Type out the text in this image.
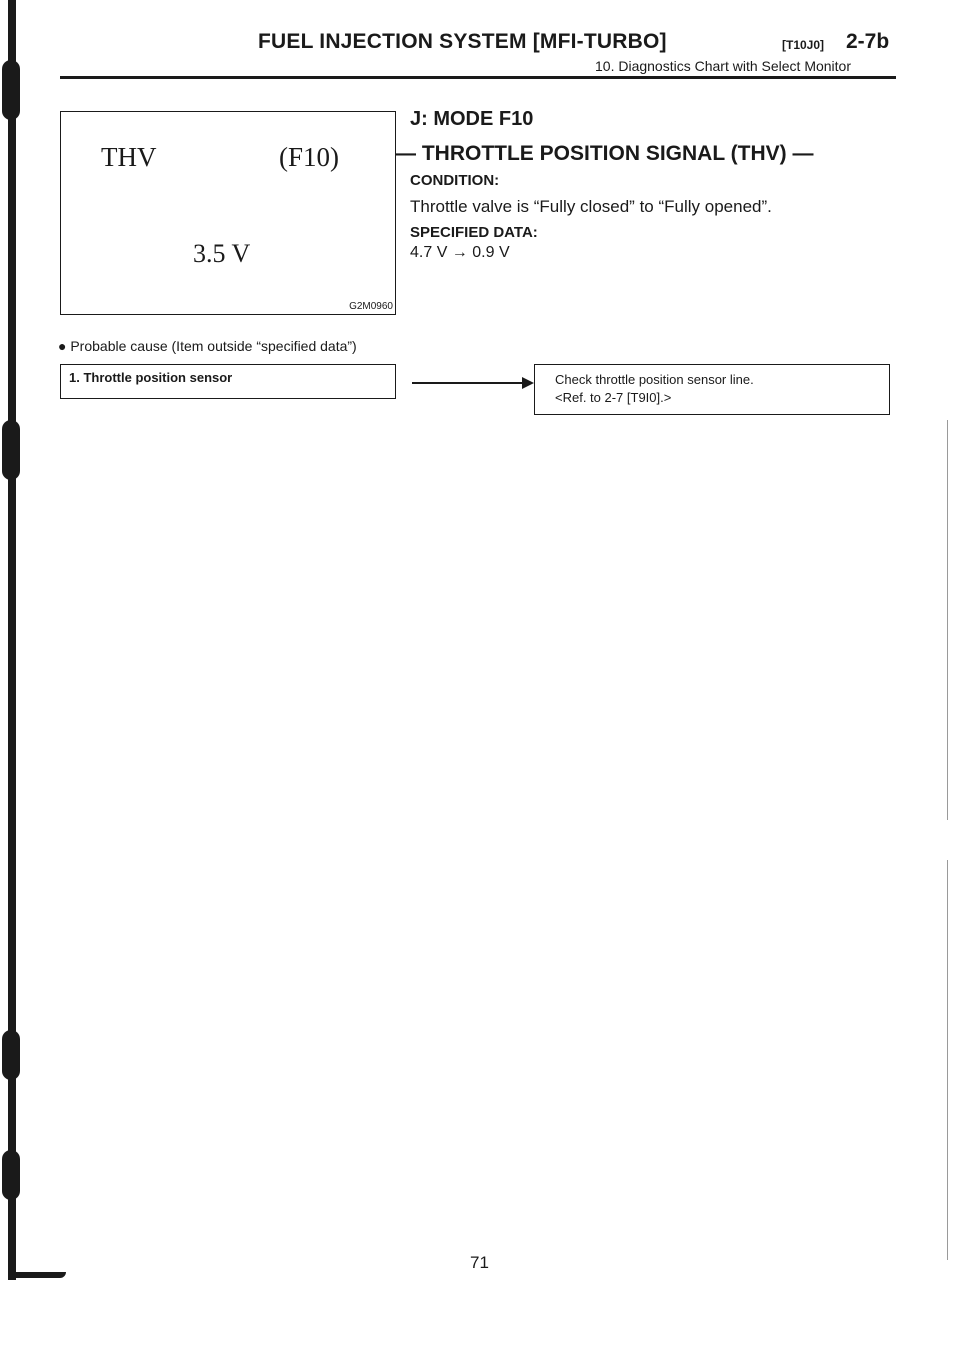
FUEL INJECTION SYSTEM [MFI-TURBO]	[T10J0] 2-7b
10. Diagnostics Chart with Select Monitor
THV	(F10)
3.5 V
G2M0960
J: MODE F10
— THROTTLE POSITION SIGNAL (THV) —
CONDITION:
Throttle valve is “Fully closed” to “Fully opened”.
SPECIFIED DATA:
4.7 V → 0.9 V
● Probable cause (Item outside “specified data”)
1. Throttle position sensor	Check throttle position sensor line.
<Ref. to 2-7 [T9I0].>
71
